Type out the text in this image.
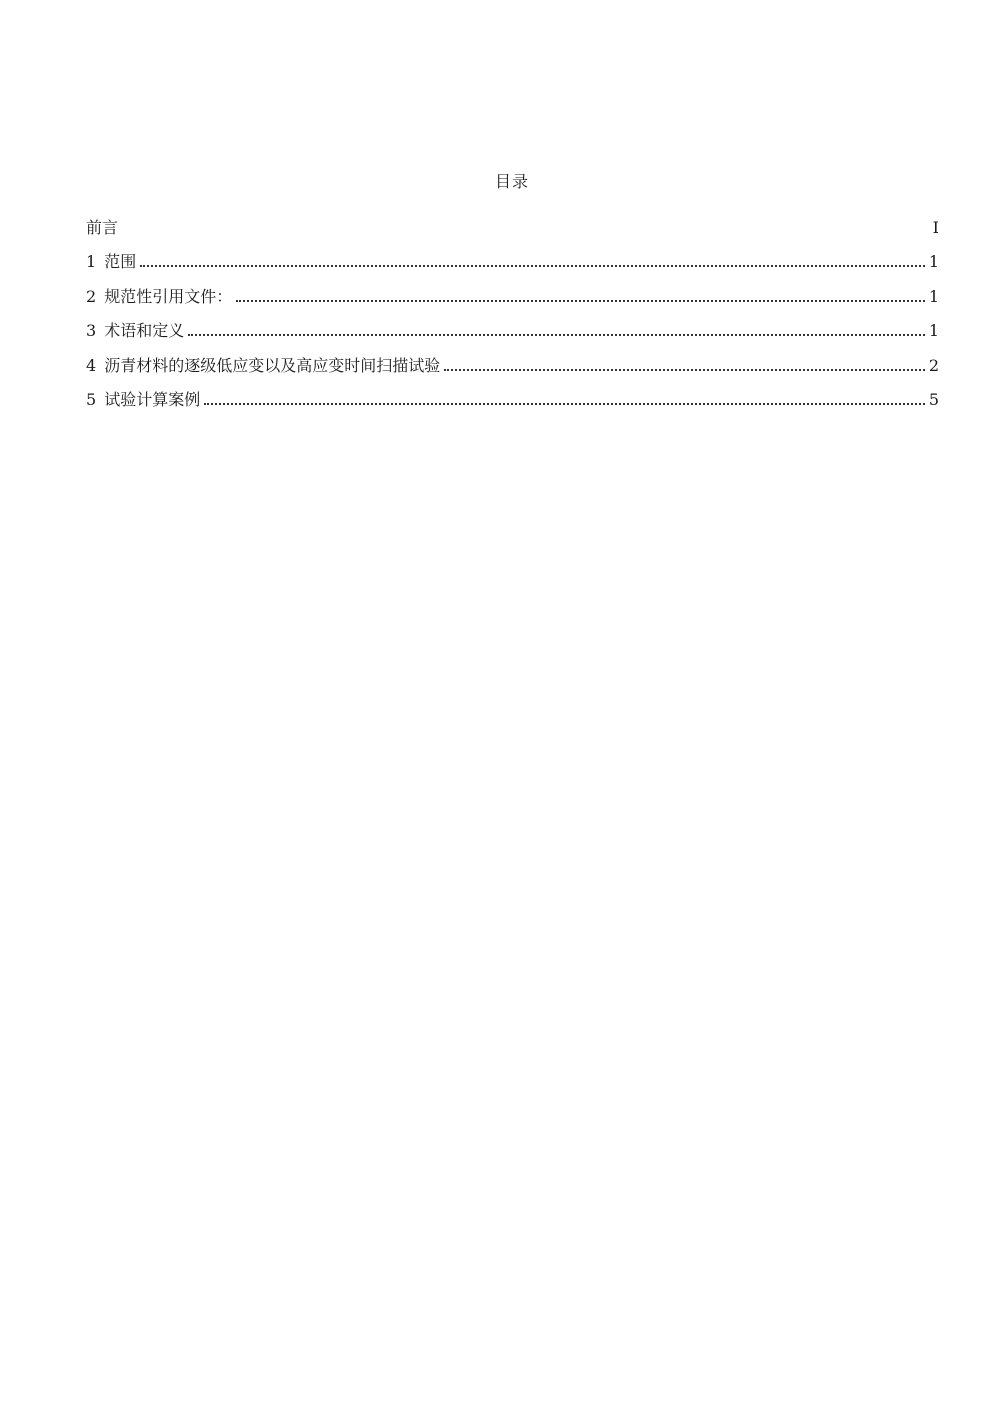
目录
前言	I
1 范围	1
2 规范性引用文件：	1
3 术语和定义	1
4 沥青材料的逐级低应变以及高应变时间扫描试验	2
5 试验计算案例	5
